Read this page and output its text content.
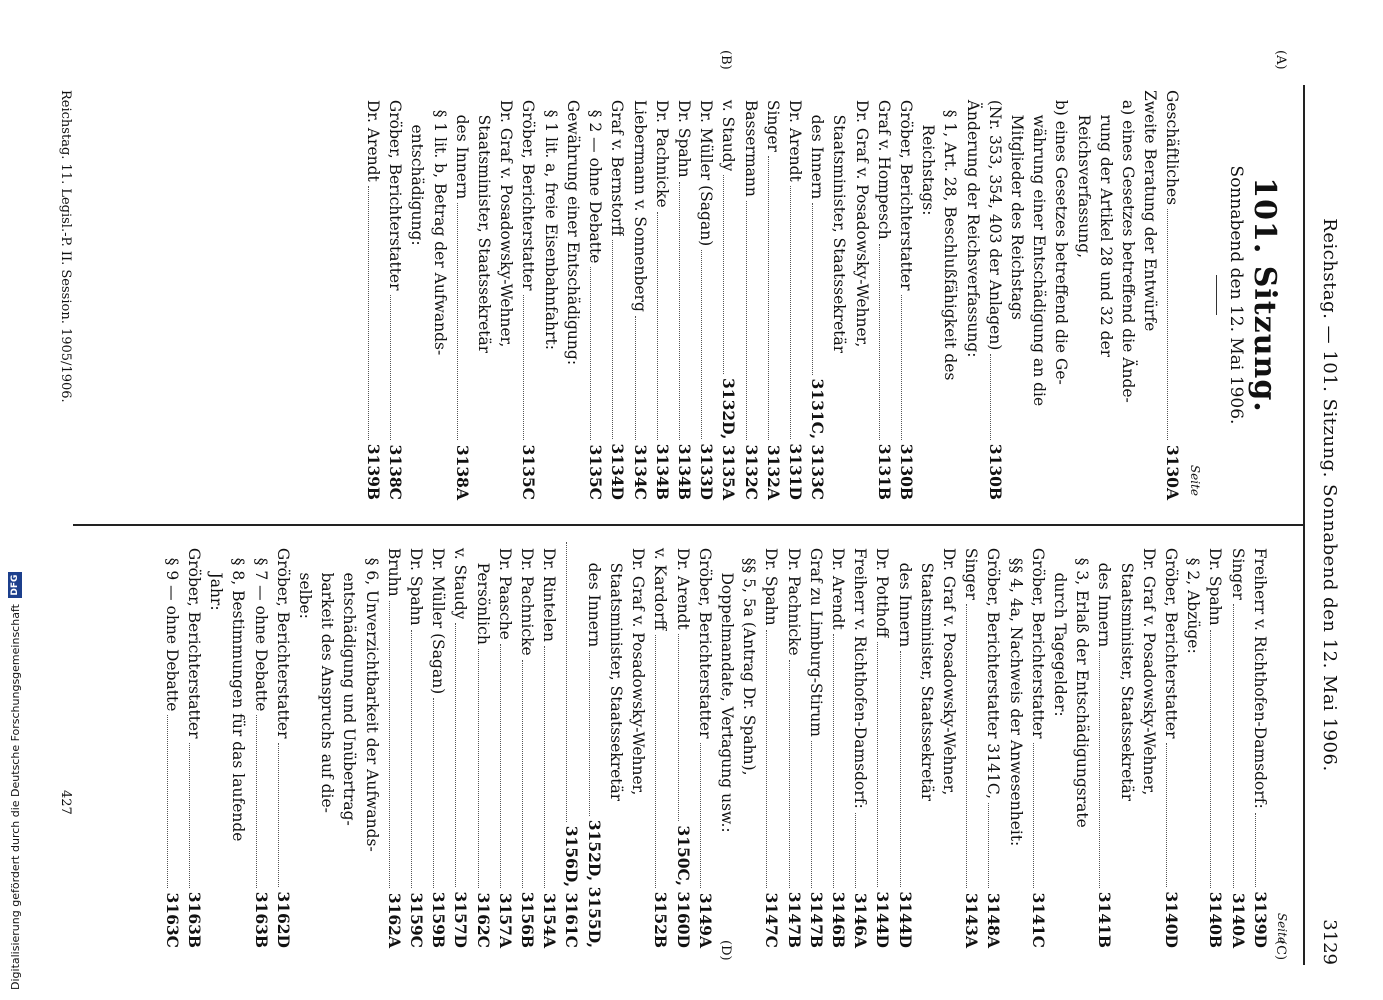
Reichstag. — 101. Sitzung. Sonnabend den 12. Mai 1906.
3129
(A)
(B)
(C)
(D)
101. Sitzung.
Sonnabend den 12. Mai 1906.
Seite
Geschäftliches
3130A
Zweite Beratung der Entwürfe
a) eines Gesetzes betreffend die Ände-
rung der Artikel 28 und 32 der
Reichsverfassung,
b) eines Gesetzes betreffend die Ge-
währung einer Entschädigung an die
Mitglieder des Reichstags
(Nr. 353, 354, 403 der Anlagen)
3130B
Änderung der Reichsverfassung:
§ 1, Art. 28, Beschlußfähigkeit des
Reichstags:
Gröber, Berichterstatter
3130B
Graf v. Hompesch
3131B
Dr. Graf v. Posadowsky-Wehner,
Staatsminister, Staatssekretär
des Innern
3131C, 3133C
Dr. Arendt
3131D
Singer
3132A
Bassermann
3132C
v. Staudy
3132D, 3135A
Dr. Müller (Sagan)
3133D
Dr. Spahn
3134B
Dr. Pachnicke
3134B
Liebermann v. Sonnenberg
3134C
Graf v. Bernstorff
3134D
§ 2 — ohne Debatte
3135C
Gewährung einer Entschädigung:
§ 1 lit. a, freie Eisenbahnfahrt:
Gröber, Berichterstatter
3135C
Dr. Graf v. Posadowsky-Wehner,
Staatsminister, Staatssekretär
des Innern
3138A
§ 1 lit. b, Betrag der Aufwands-
entschädigung:
Gröber, Berichterstatter
3138C
Dr. Arendt
3139B
Seite
Freiherr v. Richthofen-Damsdorf:
3139D
Singer
3140A
Dr. Spahn
3140B
§ 2, Abzüge:
Gröber, Berichterstatter
3140D
Dr. Graf v. Posadowsky-Wehner,
Staatsminister, Staatssekretär
des Innern
3141B
§ 3, Erlaß der Entschädigungsrate
durch Tagegelder:
Gröber, Berichterstatter
3141C
§§ 4, 4a, Nachweis der Anwesenheit:
Gröber, Berichterstatter 3141C,
3148A
Singer
3143A
Dr. Graf v. Posadowsky-Wehner,
Staatsminister, Staatssekretär
des Innern
3144D
Dr. Potthoff
3144D
Freiherr v. Richthofen-Damsdorf:
3146A
Dr. Arendt
3146B
Graf zu Limburg-Stirum
3147B
Dr. Pachnicke
3147B
Dr. Spahn
3147C
§§ 5, 5a (Antrag Dr. Spahn),
Doppelmandate, Vertagung usw.:
Gröber, Berichterstatter
3149A
Dr. Arendt
3150C, 3160D
v. Kardorff
3152B
Dr. Graf v. Posadowsky-Wehner,
Staatsminister, Staatssekretär
des Innern
3152D, 3155D,
3156D, 3161C
Dr. Rintelen
3154A
Dr. Pachnicke
3156B
Dr. Paasche
3157A
Persönlich
3162C
v. Staudy
3157D
Dr. Müller (Sagan)
3159B
Dr. Spahn
3159C
Bruhn
3162A
§ 6, Unverzichtbarkeit der Aufwands-
entschädigung und Unübertrag-
barkeit des Anspruchs auf die-
selbe:
Gröber, Berichterstatter
3162D
§ 7 — ohne Debatte
3163B
§ 8, Bestimmungen für das laufende
Jahr:
Gröber, Berichterstatter
3163B
§ 9 — ohne Debatte
3163C
Reichstag. 11. Legisl.-P. II. Session. 1905/1906.
427
Digitalisierung gefördert durch die Deutsche Forschungsgemeinschaft
DFG
